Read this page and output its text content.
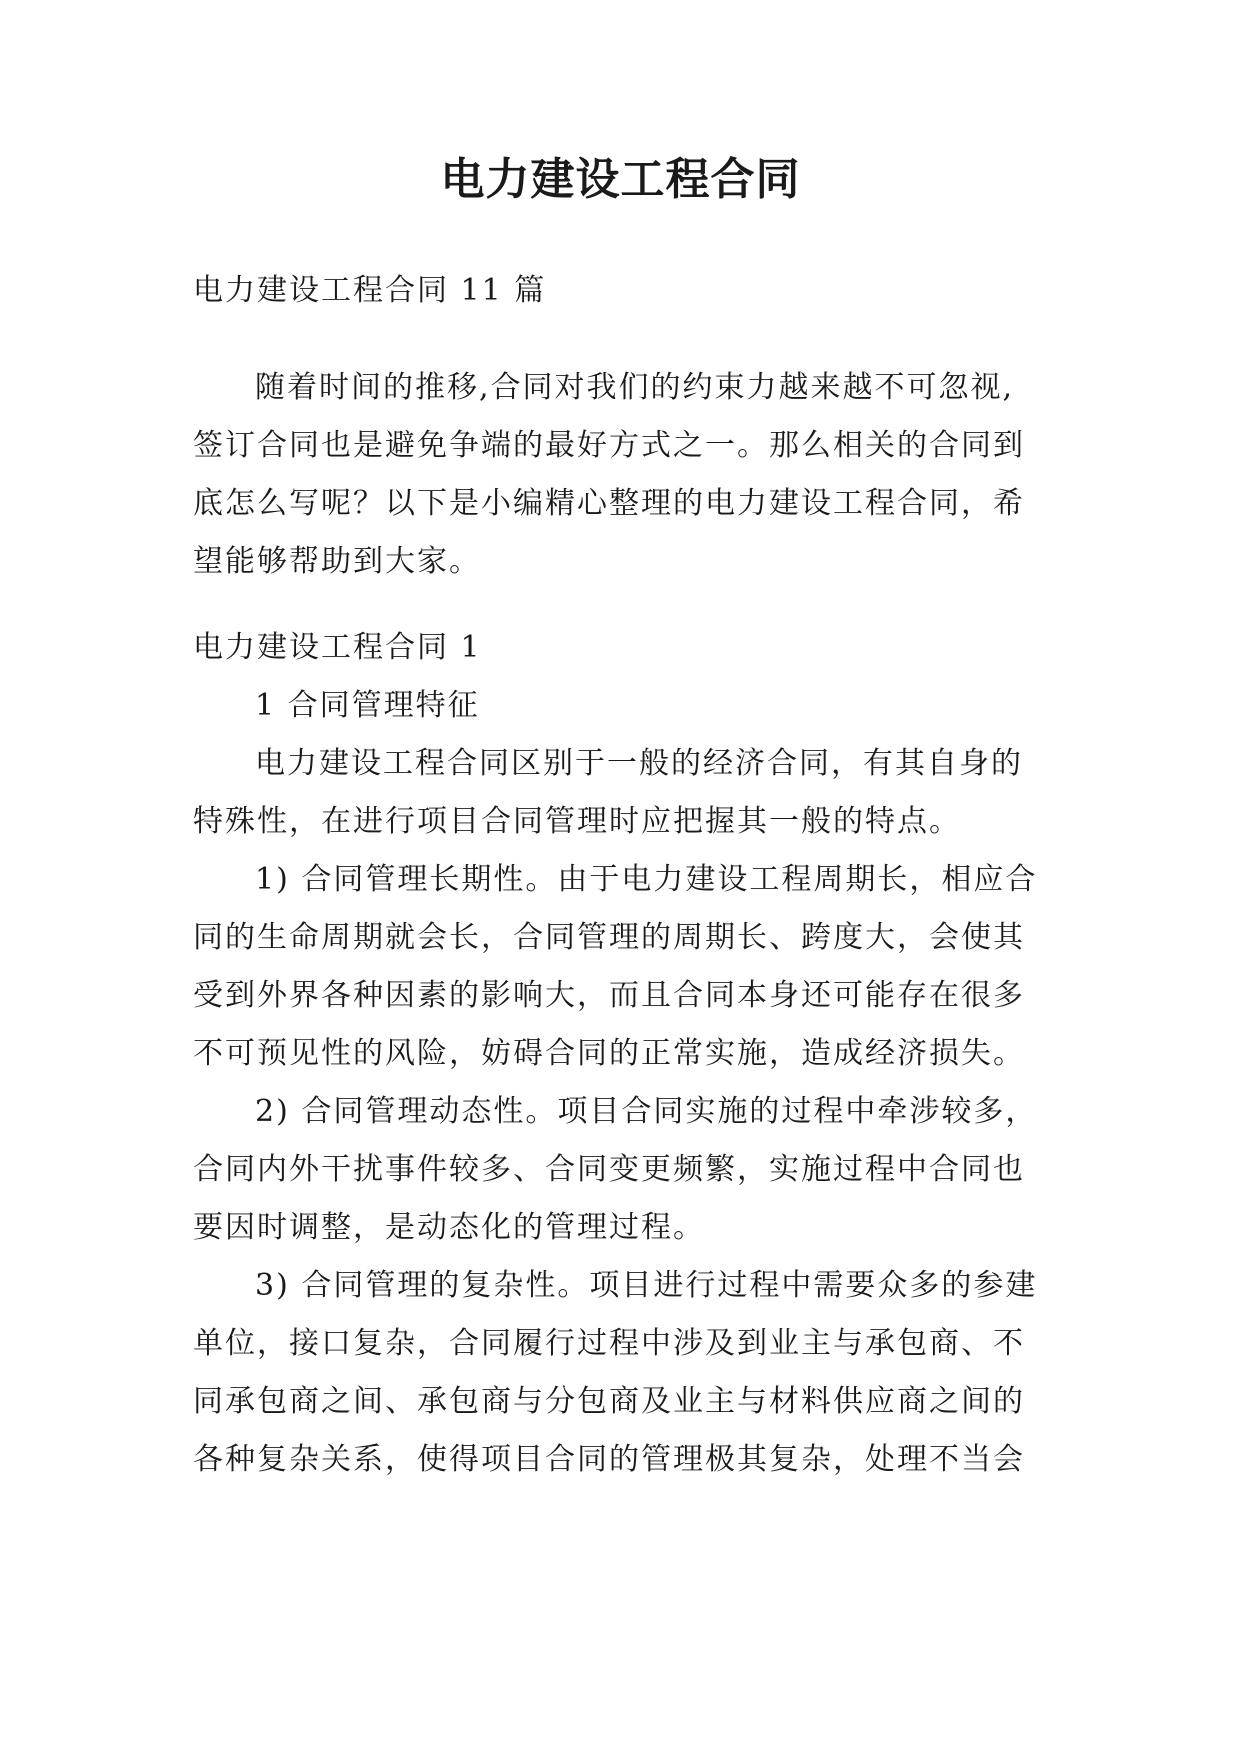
电力建设工程合同

电力建设工程合同 11 篇

随着时间的推移,合同对我们的约束力越来越不可忽视,

签订合同也是避免争端的最好方式之一。那么相关的合同到

底怎么写呢？以下是小编精心整理的电力建设工程合同，希

望能够帮助到大家。

电力建设工程合同 1

1 合同管理特征

电力建设工程合同区别于一般的经济合同，有其自身的

特殊性，在进行项目合同管理时应把握其一般的特点。

1) 合同管理长期性。由于电力建设工程周期长，相应合

同的生命周期就会长，合同管理的周期长、跨度大，会使其

受到外界各种因素的影响大，而且合同本身还可能存在很多

不可预见性的风险，妨碍合同的正常实施，造成经济损失。

2) 合同管理动态性。项目合同实施的过程中牵涉较多，

合同内外干扰事件较多、合同变更频繁，实施过程中合同也

要因时调整，是动态化的管理过程。

3) 合同管理的复杂性。项目进行过程中需要众多的参建

单位，接口复杂，合同履行过程中涉及到业主与承包商、不

同承包商之间、承包商与分包商及业主与材料供应商之间的

各种复杂关系，使得项目合同的管理极其复杂，处理不当会
